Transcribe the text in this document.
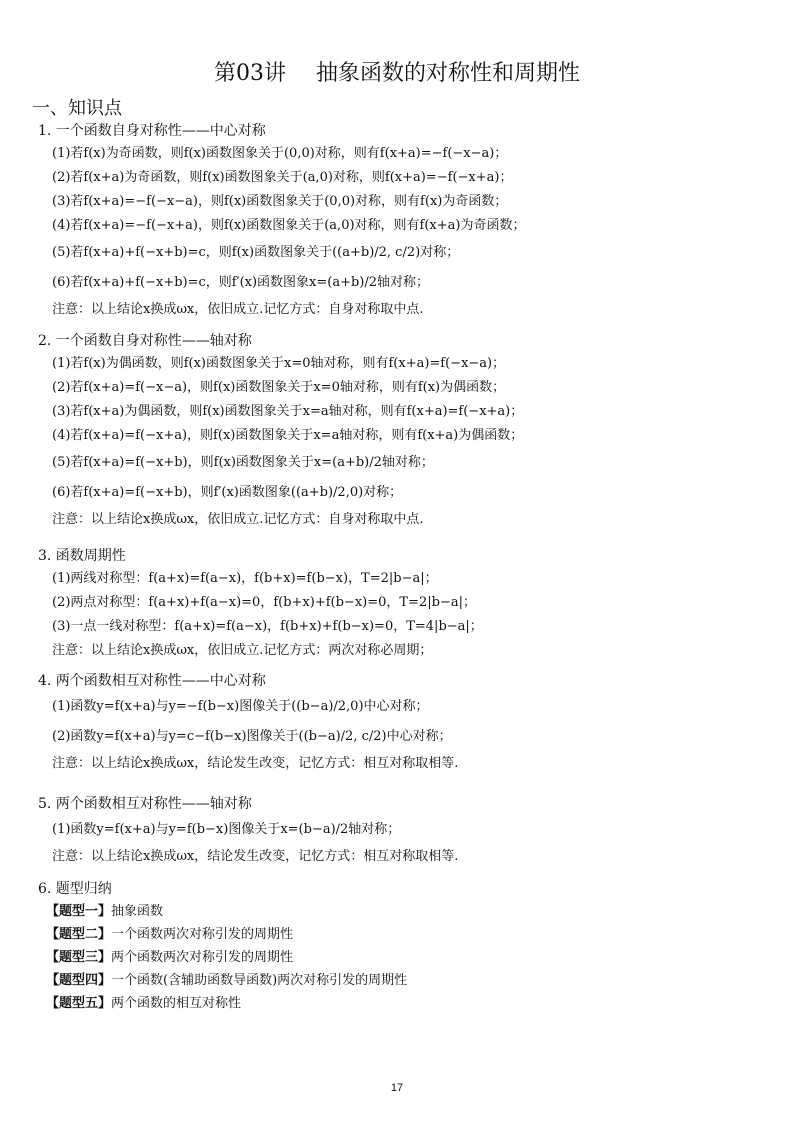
第03讲 抽象函数的对称性和周期性
一、知识点
1. 一个函数自身对称性——中心对称
(1)若f(x)为奇函数，则f(x)函数图象关于(0,0)对称，则有f(x+a)=−f(−x−a)；
(2)若f(x+a)为奇函数，则f(x)函数图象关于(a,0)对称，则f(x+a)=−f(−x+a)；
(3)若f(x+a)=−f(−x−a)，则f(x)函数图象关于(0,0)对称，则有f(x)为奇函数；
(4)若f(x+a)=−f(−x+a)，则f(x)函数图象关于(a,0)对称，则有f(x+a)为奇函数；
(5)若f(x+a)+f(−x+b)=c，则f(x)函数图象关于((a+b)/2, c/2)对称；
(6)若f(x+a)+f(−x+b)=c，则f′(x)函数图象x=(a+b)/2轴对称；
注意：以上结论x换成ωx，依旧成立.记忆方式：自身对称取中点.
2. 一个函数自身对称性——轴对称
(1)若f(x)为偶函数，则f(x)函数图象关于x=0轴对称，则有f(x+a)=f(−x−a)；
(2)若f(x+a)=f(−x−a)，则f(x)函数图象关于x=0轴对称，则有f(x)为偶函数；
(3)若f(x+a)为偶函数，则f(x)函数图象关于x=a轴对称，则有f(x+a)=f(−x+a)；
(4)若f(x+a)=f(−x+a)，则f(x)函数图象关于x=a轴对称，则有f(x+a)为偶函数；
(5)若f(x+a)=f(−x+b)，则f(x)函数图象关于x=(a+b)/2轴对称；
(6)若f(x+a)=f(−x+b)，则f′(x)函数图象((a+b)/2,0)对称；
注意：以上结论x换成ωx，依旧成立.记忆方式：自身对称取中点.
3. 函数周期性
(1)两线对称型：f(a+x)=f(a−x)，f(b+x)=f(b−x)，T=2|b−a|；
(2)两点对称型：f(a+x)+f(a−x)=0，f(b+x)+f(b−x)=0，T=2|b−a|；
(3)一点一线对称型：f(a+x)=f(a−x)，f(b+x)+f(b−x)=0，T=4|b−a|；
注意：以上结论x换成ωx，依旧成立.记忆方式：两次对称必周期；
4. 两个函数相互对称性——中心对称
(1)函数y=f(x+a)与y=−f(b−x)图像关于((b−a)/2,0)中心对称；
(2)函数y=f(x+a)与y=c−f(b−x)图像关于((b−a)/2, c/2)中心对称；
注意：以上结论x换成ωx，结论发生改变，记忆方式：相互对称取相等.
5. 两个函数相互对称性——轴对称
(1)函数y=f(x+a)与y=f(b−x)图像关于x=(b−a)/2轴对称；
注意：以上结论x换成ωx，结论发生改变，记忆方式：相互对称取相等.
6. 题型归纳
【题型一】抽象函数
【题型二】一个函数两次对称引发的周期性
【题型三】两个函数两次对称引发的周期性
【题型四】一个函数(含辅助函数导函数)两次对称引发的周期性
【题型五】两个函数的相互对称性
17
